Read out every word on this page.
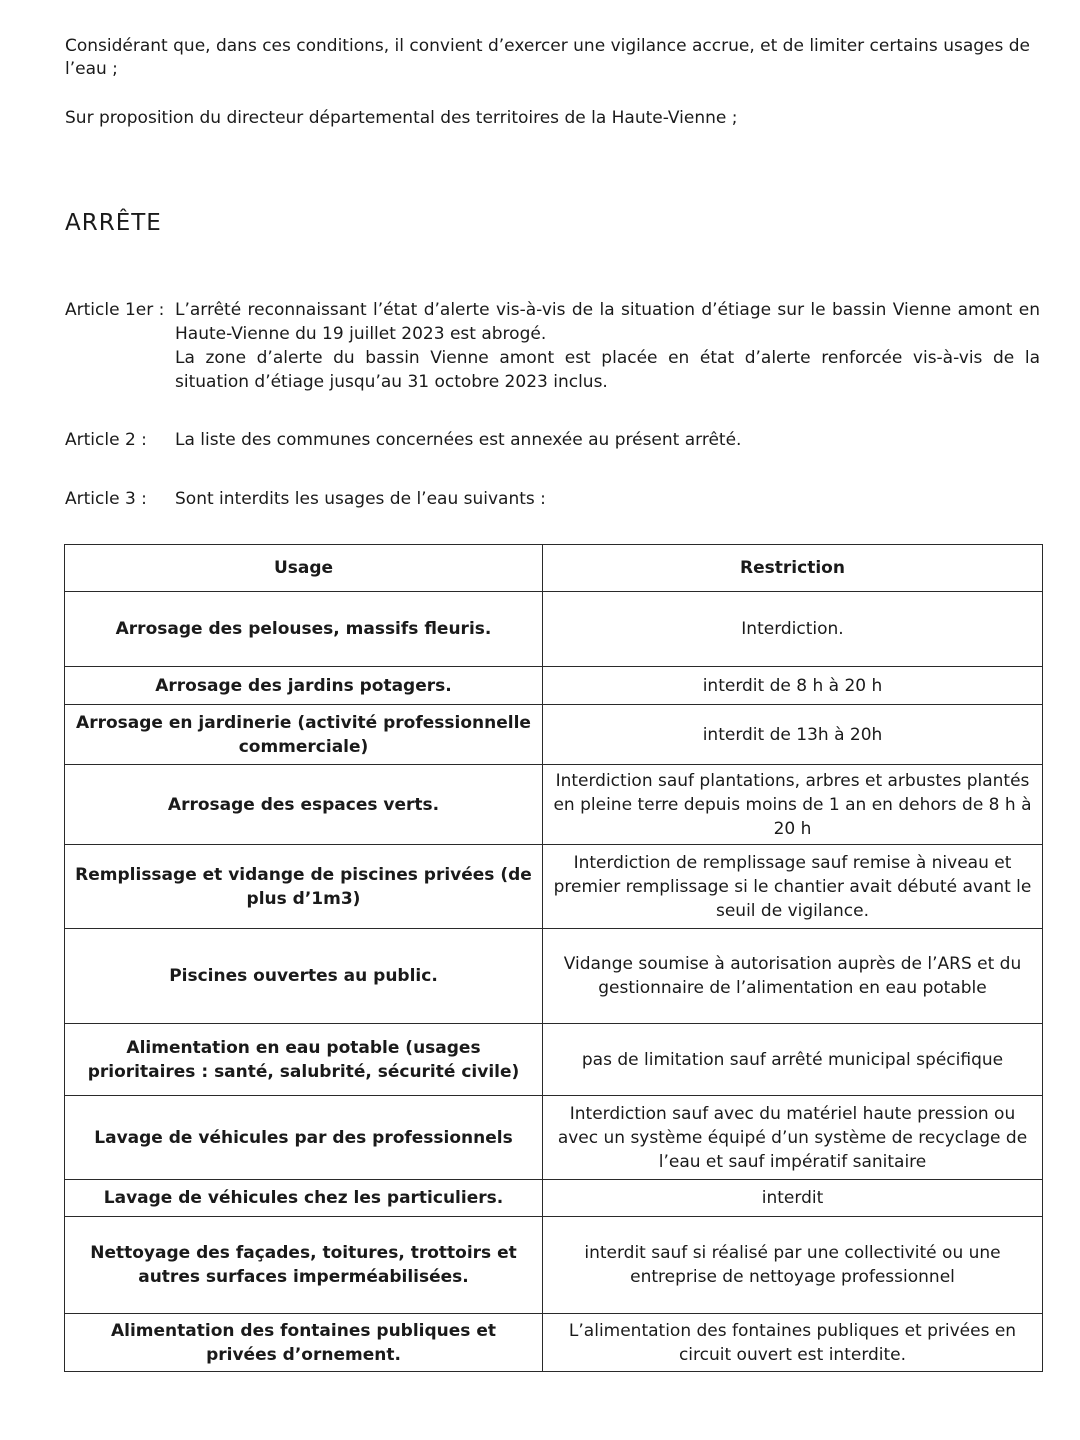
Considérant que, dans ces conditions, il convient d’exercer une vigilance accrue, et de limiter certains usages de l’eau ;

Sur proposition du directeur départemental des territoires de la Haute-Vienne ;

ARRÊTE
Article 1er : L’arrêté reconnaissant l’état d’alerte vis-à-vis de la situation d’étiage sur le bassin Vienne amont en Haute-Vienne du 19 juillet 2023 est abrogé.

La zone d’alerte du bassin Vienne amont est placée en état d’alerte renforcée vis-à-vis de la situation d’étiage jusqu’au 31 octobre 2023 inclus.

Article 2 : La liste des communes concernées est annexée au présent arrêté.

Article 3 : Sont interdits les usages de l’eau suivants :

Usage	Restriction
Arrosage des pelouses, massifs fleuris.	Interdiction.
Arrosage des jardins potagers.	interdit de 8 h à 20 h
Arrosage en jardinerie (activité professionnelle commerciale)	interdit de 13h à 20h
Arrosage des espaces verts.	Interdiction sauf plantations, arbres et arbustes plantés en pleine terre depuis moins de 1 an en dehors de 8 h à 20 h
Remplissage et vidange de piscines privées (de plus d’1m3)	Interdiction de remplissage sauf remise à niveau et premier remplissage si le chantier avait débuté avant le seuil de vigilance.
Piscines ouvertes au public.	Vidange soumise à autorisation auprès de l’ARS et du gestionnaire de l’alimentation en eau potable
Alimentation en eau potable (usages prioritaires : santé, salubrité, sécurité civile)	pas de limitation sauf arrêté municipal spécifique
Lavage de véhicules par des professionnels	Interdiction sauf avec du matériel haute pression ou avec un système équipé d’un système de recyclage de l’eau et sauf impératif sanitaire
Lavage de véhicules chez les particuliers.	interdit
Nettoyage des façades, toitures, trottoirs et autres surfaces imperméabilisées.	interdit sauf si réalisé par une collectivité ou une entreprise de nettoyage professionnel
Alimentation des fontaines publiques et privées d’ornement.	L’alimentation des fontaines publiques et privées en circuit ouvert est interdite.
